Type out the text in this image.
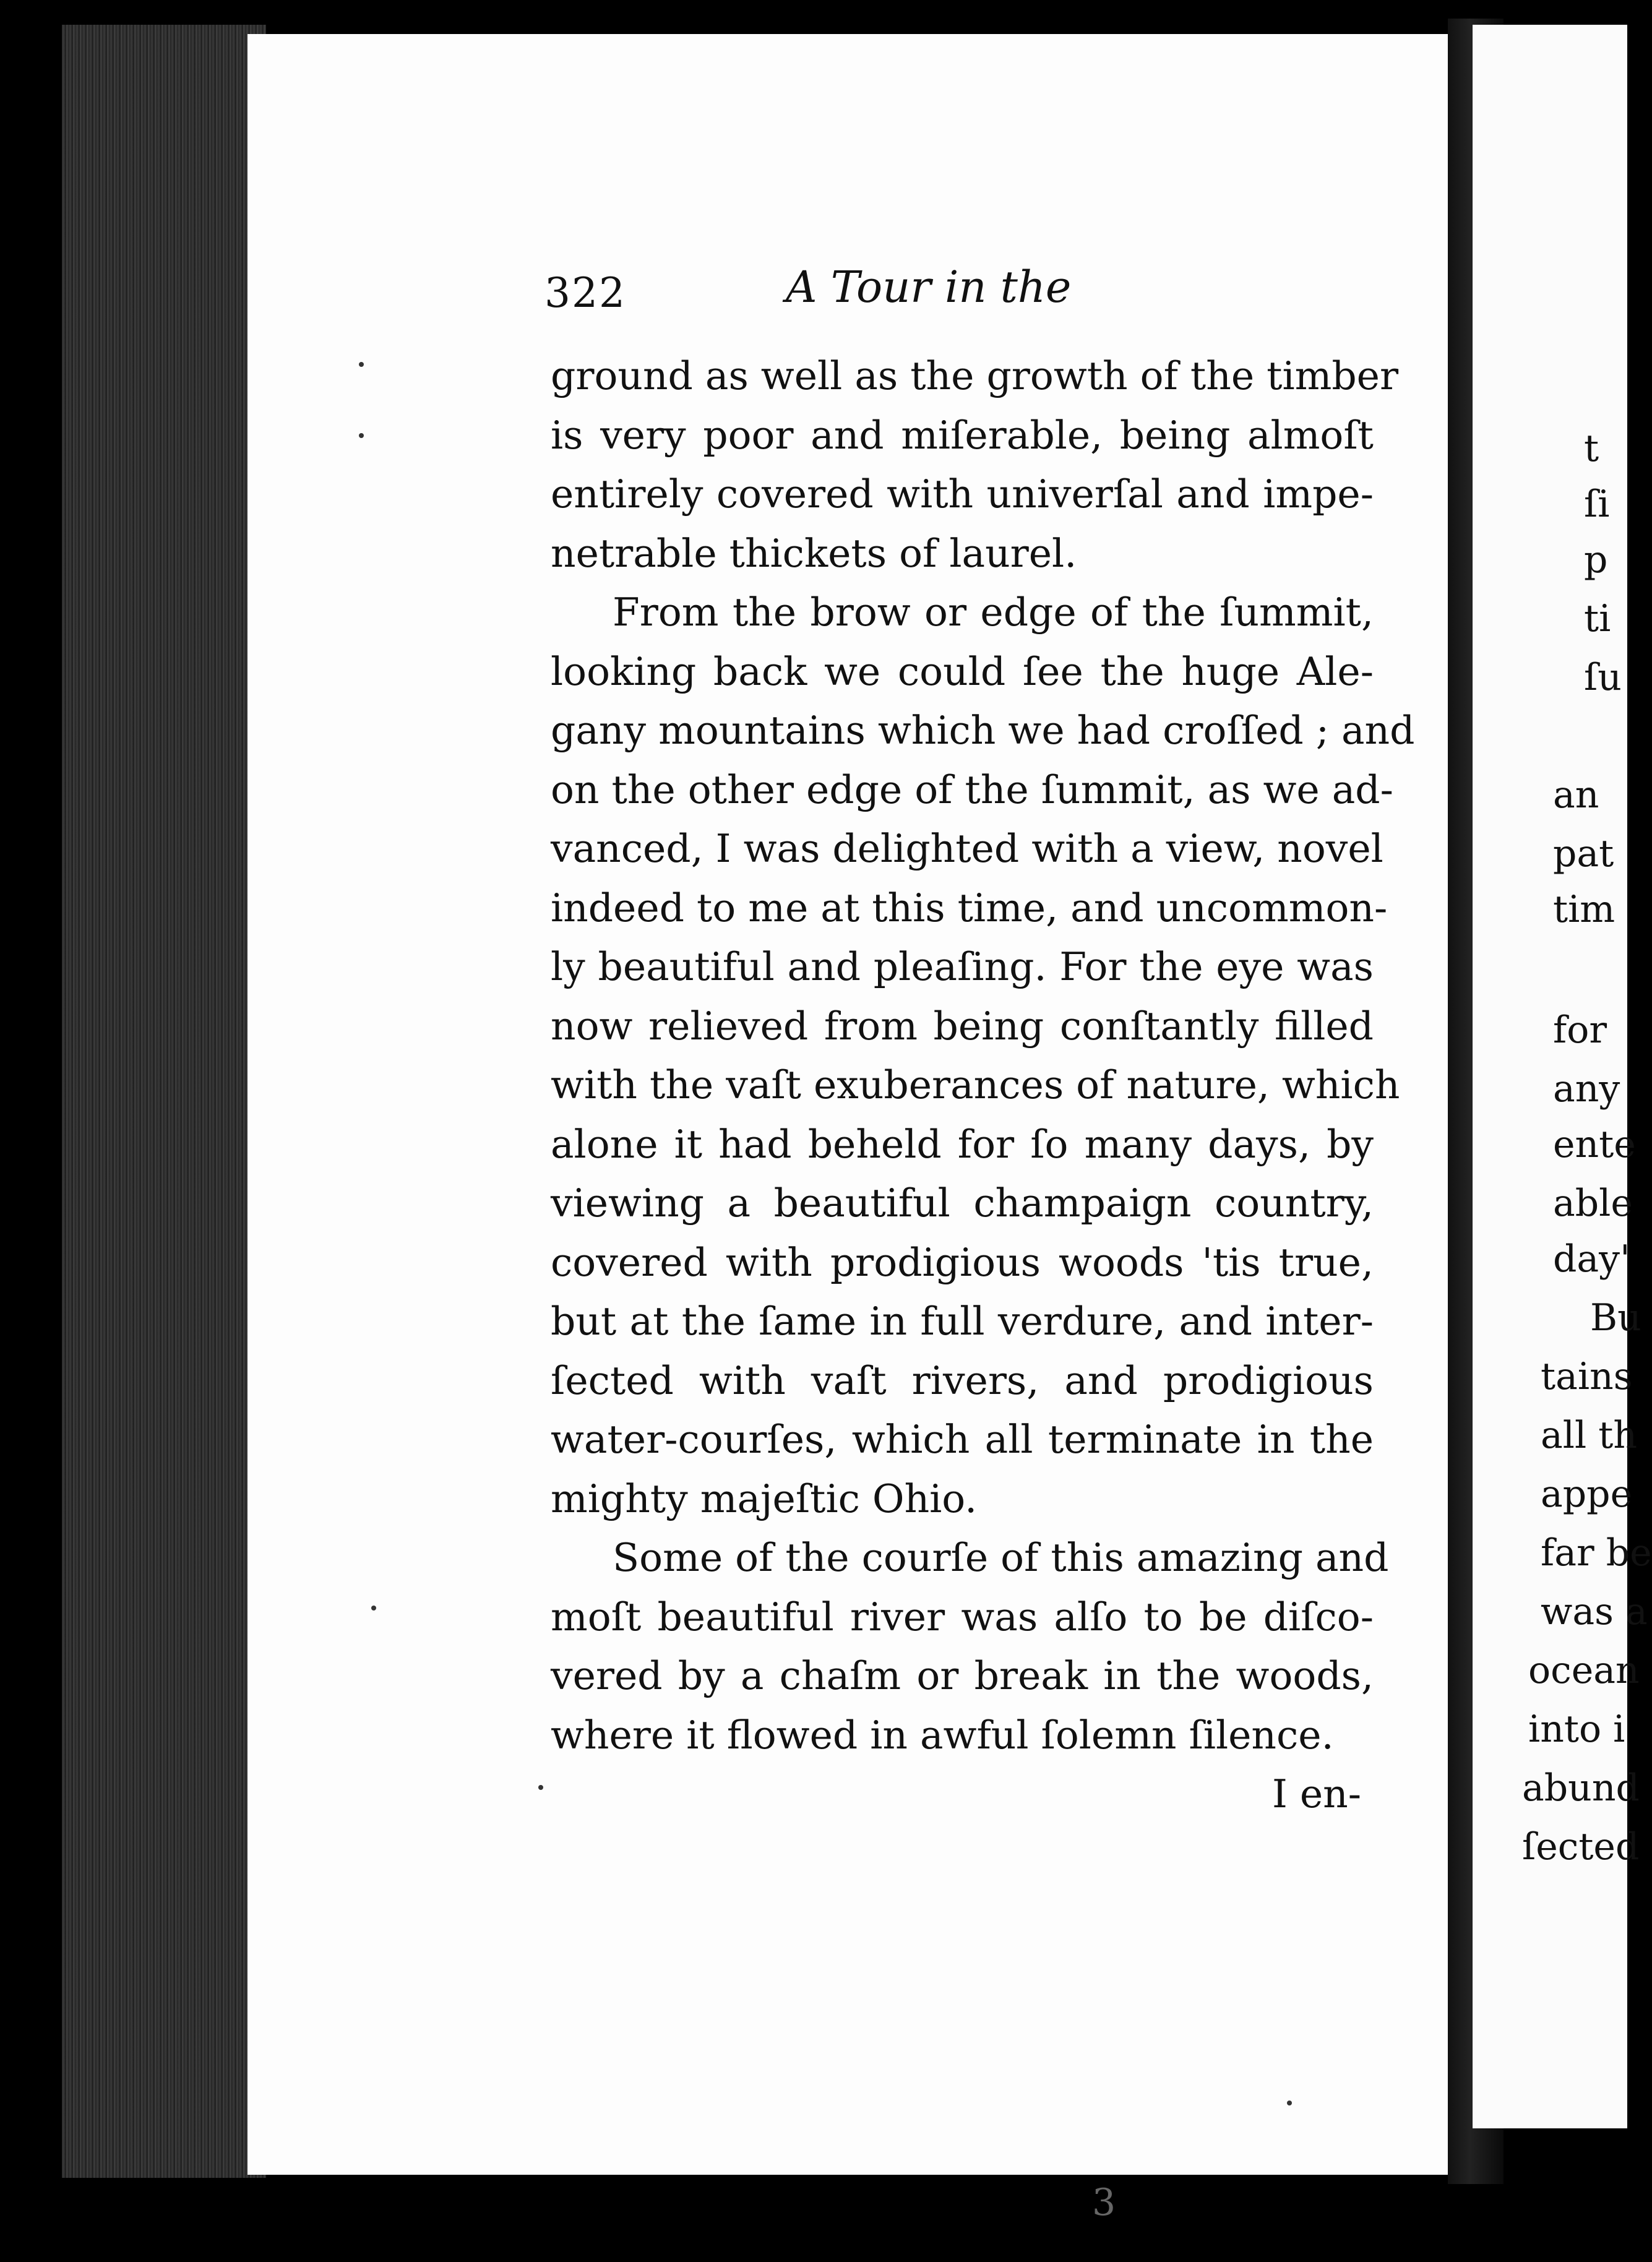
322	A Tour in the
ground as well as the growth of the timber
is very poor and miſerable, being almoſt
entirely covered with univerſal and impe-
netrable thickets of laurel.
From the brow or edge of the ſummit,
looking back we could ſee the huge Ale-
gany mountains which we had croſſed ; and
on the other edge of the ſummit, as we ad-
vanced, I was delighted with a view, novel
indeed to me at this time, and uncommon-
ly beautiful and pleaſing. For the eye was
now relieved from being conſtantly filled
with the vaſt exuberances of nature, which
alone it had beheld for ſo many days, by
viewing a beautiful champaign country,
covered with prodigious woods 'tis true,
but at the ſame in full verdure, and inter-
ſected with vaſt rivers, and prodigious
water-courſes, which all terminate in the
mighty majeſtic Ohio.
Some of the courſe of this amazing and
moſt beautiful river was alſo to be diſco-
vered by a chaſm or break in the woods,
where it flowed in awful ſolemn ſilence.
I en-
t
ſi
p
ti
ſu
an
pat
tim
for
any
ente
able
day'
Bu
tains
all th
appe
far be
was a
ocean
into i
abund
ſected
3
